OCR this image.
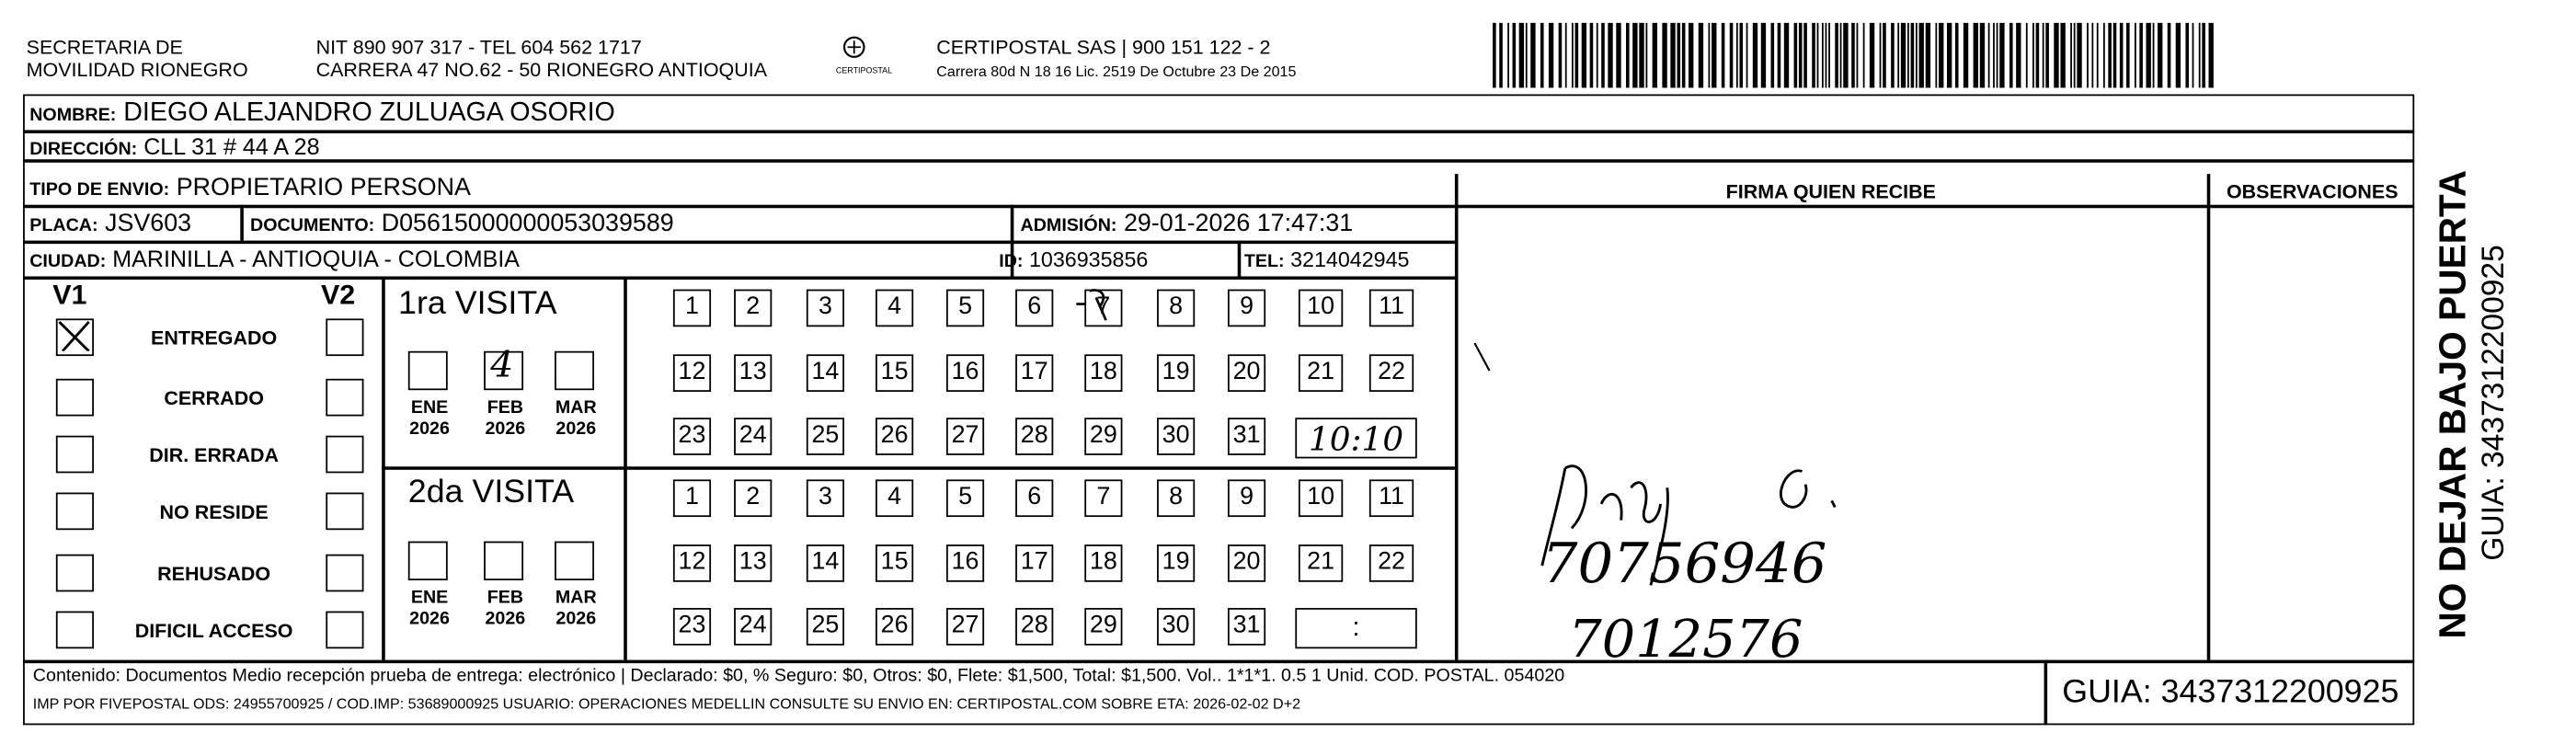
SECRETARIA DE
MOVILIDAD RIONEGRO
NIT 890 907 317 - TEL 604 562 1717
CARRERA 47 NO.62 - 50 RIONEGRO ANTIOQUIA	CERTIPOSTAL
CERTIPOSTAL SAS | 900 151 122 - 2
Carrera 80d N 18 16 Lic. 2519 De Octubre 23 De 2015
NOMBRE: DIEGO ALEJANDRO ZULUAGA OSORIO
DIRECCIÓN: CLL 31 # 44 A 28
TIPO DE ENVIO: PROPIETARIO PERSONA
PLACA: JSV603	DOCUMENTO: D05615000000053039589	ADMISIÓN: 29-01-2026 17:47:31
CIUDAD: MARINILLA - ANTIOQUIA - COLOMBIA	ID: 1036935856	TEL: 3214042945
FIRMA QUIEN RECIBE	OBSERVACIONES
V1	V2
ENTREGADO
CERRADO
DIR. ERRADA
NO RESIDE
REHUSADO
DIFICIL ACCESO
1ra VISITA
2da VISITA
ENE
2026
4
FEB
2026
MAR
2026
1	2	3	4	5	6	7	8	9	10	11
12	13	14	15	16	17	18	19	20	21	22
23	24	25	26	27	28	29	30	31	10:10
ENE
2026
FEB
2026
MAR
2026
1	2	3	4	5	6	7	8	9	10	11
12	13	14	15	16	17	18	19	20	21	22
23	24	25	26	27	28	29	30	31	:
70756946
7012576
Contenido: Documentos Medio recepción prueba de entrega: electrónico | Declarado: $0, % Seguro: $0, Otros: $0, Flete: $1,500, Total: $1,500. Vol.. 1*1*1. 0.5 1 Unid. COD. POSTAL. 054020
IMP POR FIVEPOSTAL ODS: 24955700925 / COD.IMP: 53689000925 USUARIO: OPERACIONES MEDELLIN CONSULTE SU ENVIO EN: CERTIPOSTAL.COM SOBRE ETA: 2026-02-02 D+2	GUIA: 3437312200925
NO DEJAR BAJO PUERTA GUIA: 3437312200925
